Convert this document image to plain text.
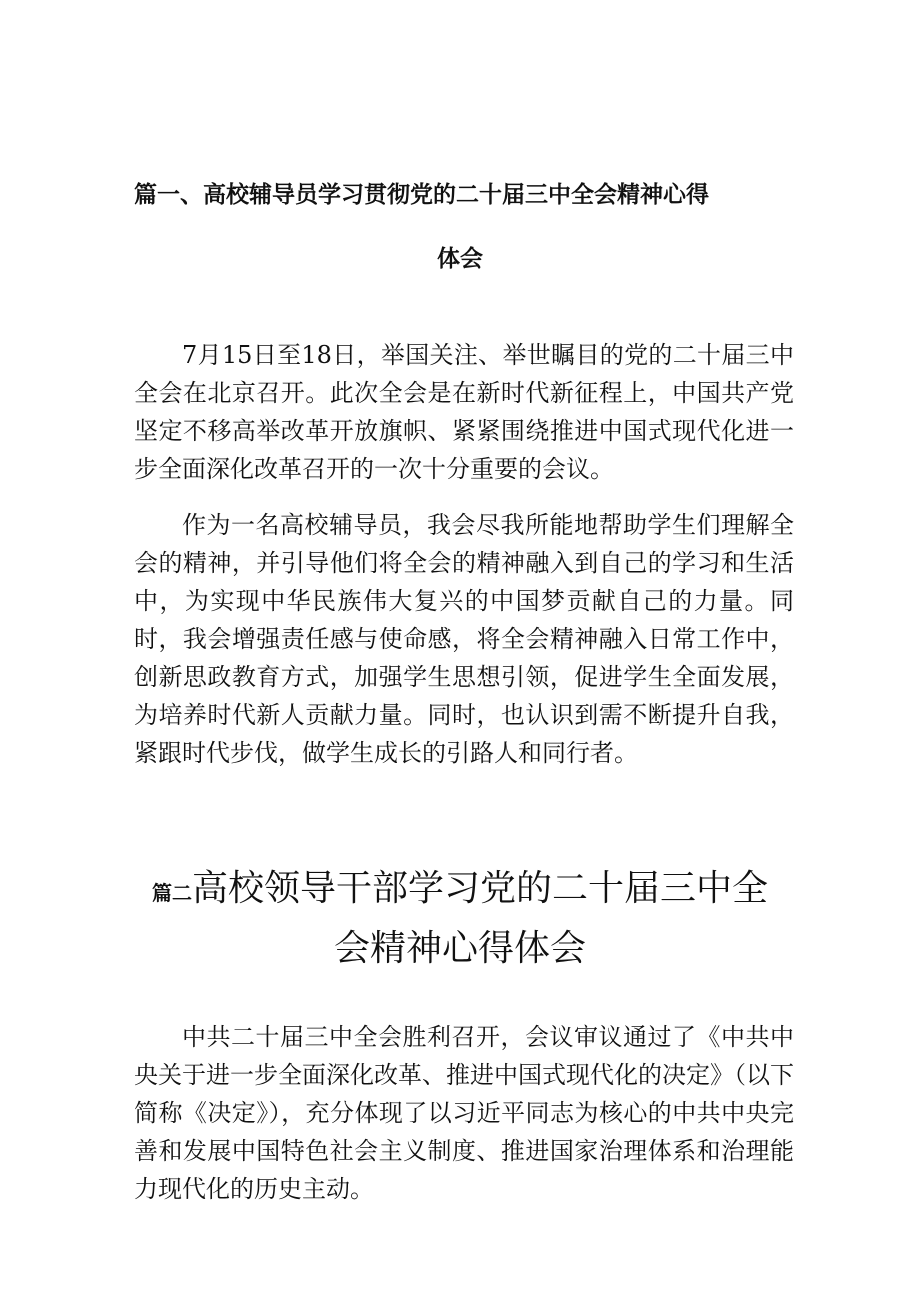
篇一、高校辅导员学习贯彻党的二十届三中全会精神心得
体会
7月15日至18日，举国关注、举世瞩目的党的二十届三中全会在北京召开。此次全会是在新时代新征程上，中国共产党坚定不移高举改革开放旗帜、紧紧围绕推进中国式现代化进一步全面深化改革召开的一次十分重要的会议。
作为一名高校辅导员，我会尽我所能地帮助学生们理解全会的精神，并引导他们将全会的精神融入到自己的学习和生活中，为实现中华民族伟大复兴的中国梦贡献自己的力量。同时，我会增强责任感与使命感，将全会精神融入日常工作中，创新思政教育方式，加强学生思想引领，促进学生全面发展，为培养时代新人贡献力量。同时，也认识到需不断提升自我，紧跟时代步伐，做学生成长的引路人和同行者。
篇二高校领导干部学习党的二十届三中全
会精神心得体会
中共二十届三中全会胜利召开，会议审议通过了《中共中央关于进一步全面深化改革、推进中国式现代化的决定》（以下简称《决定》），充分体现了以习近平同志为核心的中共中央完善和发展中国特色社会主义制度、推进国家治理体系和治理能力现代化的历史主动。
